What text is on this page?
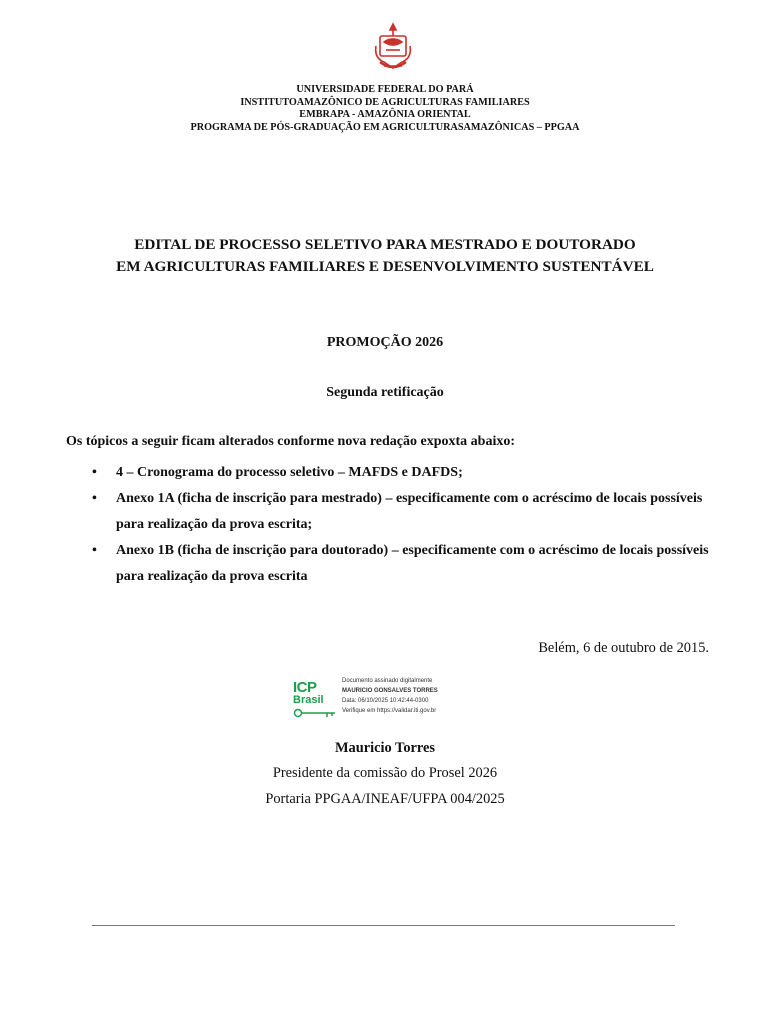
UNIVERSIDADE FEDERAL DO PARÁ
INSTITUTOAMAZÔNICO DE AGRICULTURAS FAMILIARES
EMBRAPA - AMAZÔNIA ORIENTAL
PROGRAMA DE PÓS-GRADUAÇÃO EM AGRICULTURASAMAZÔNICAS – PPGAA
EDITAL DE PROCESSO SELETIVO PARA MESTRADO E DOUTORADO
EM AGRICULTURAS FAMILIARES E DESENVOLVIMENTO SUSTENTÁVEL
PROMOÇÃO 2026
Segunda retificação
Os tópicos a seguir ficam alterados conforme nova redação expoxta abaixo:
• 4 – Cronograma do processo seletivo – MAFDS e DAFDS;
• Anexo 1A (ficha de inscrição para mestrado) – especificamente com o acréscimo de locais possíveis para realização da prova escrita;
• Anexo 1B (ficha de inscrição para doutorado) – especificamente com o acréscimo de locais possíveis para realização da prova escrita
Belém, 6 de outubro de 2015.
ICP
Brasil
Documento assinado digitalmente
MAURICIO GONSALVES TORRES
Data: 06/10/2025 10:42:44-0300
Verifique em https://validar.iti.gov.br
Mauricio Torres
Presidente da comissão do Prosel 2026
Portaria PPGAA/INEAF/UFPA 004/2025
